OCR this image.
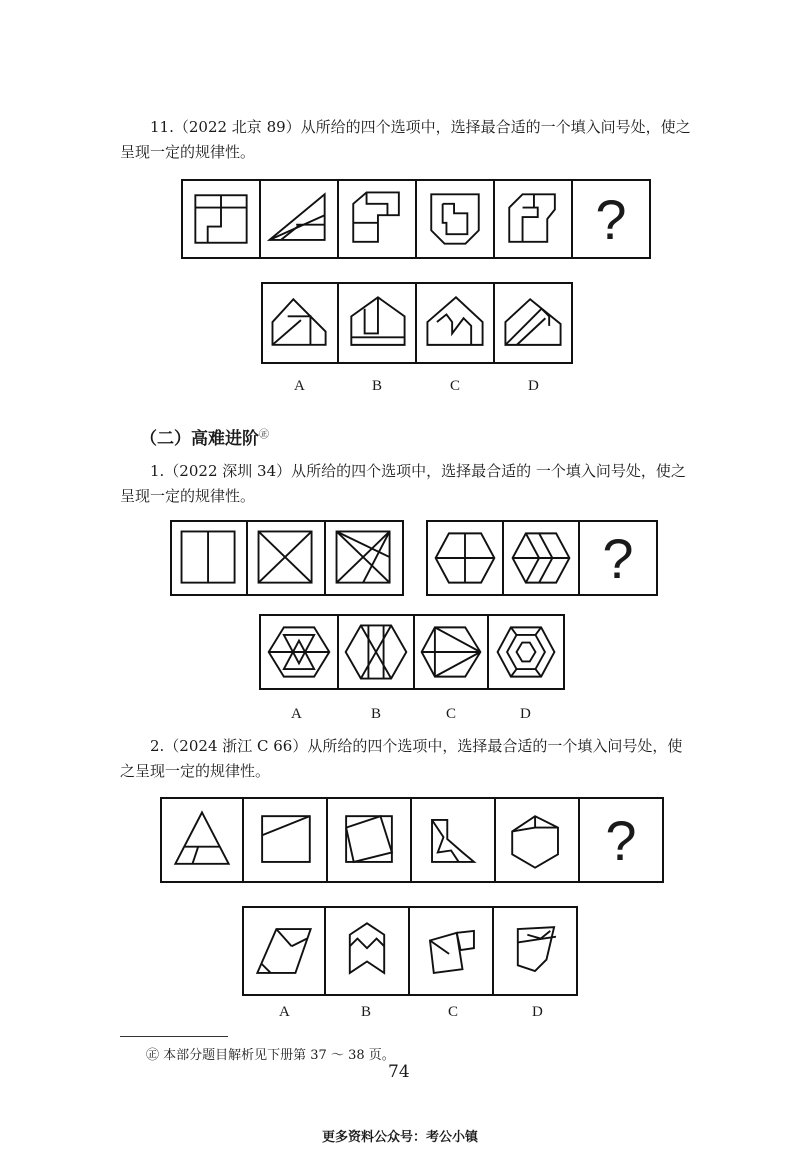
11.（2022 北京 89）从所给的四个选项中，选择最合适的一个填入问号处，使之
呈现一定的规律性。
?
A	B	C	D
（二）高难进阶㊣
1.（2022 深圳 34）从所给的四个选项中，选择最合适的 一个填入问号处，使之
呈现一定的规律性。
?
A	B	C	D
2.（2024 浙江 C 66）从所给的四个选项中，选择最合适的一个填入问号处，使
之呈现一定的规律性。
?
A	B	C	D
㊣ 本部分题目解析见下册第 37 ～ 38 页。
74
更多资料公众号：考公小镇
